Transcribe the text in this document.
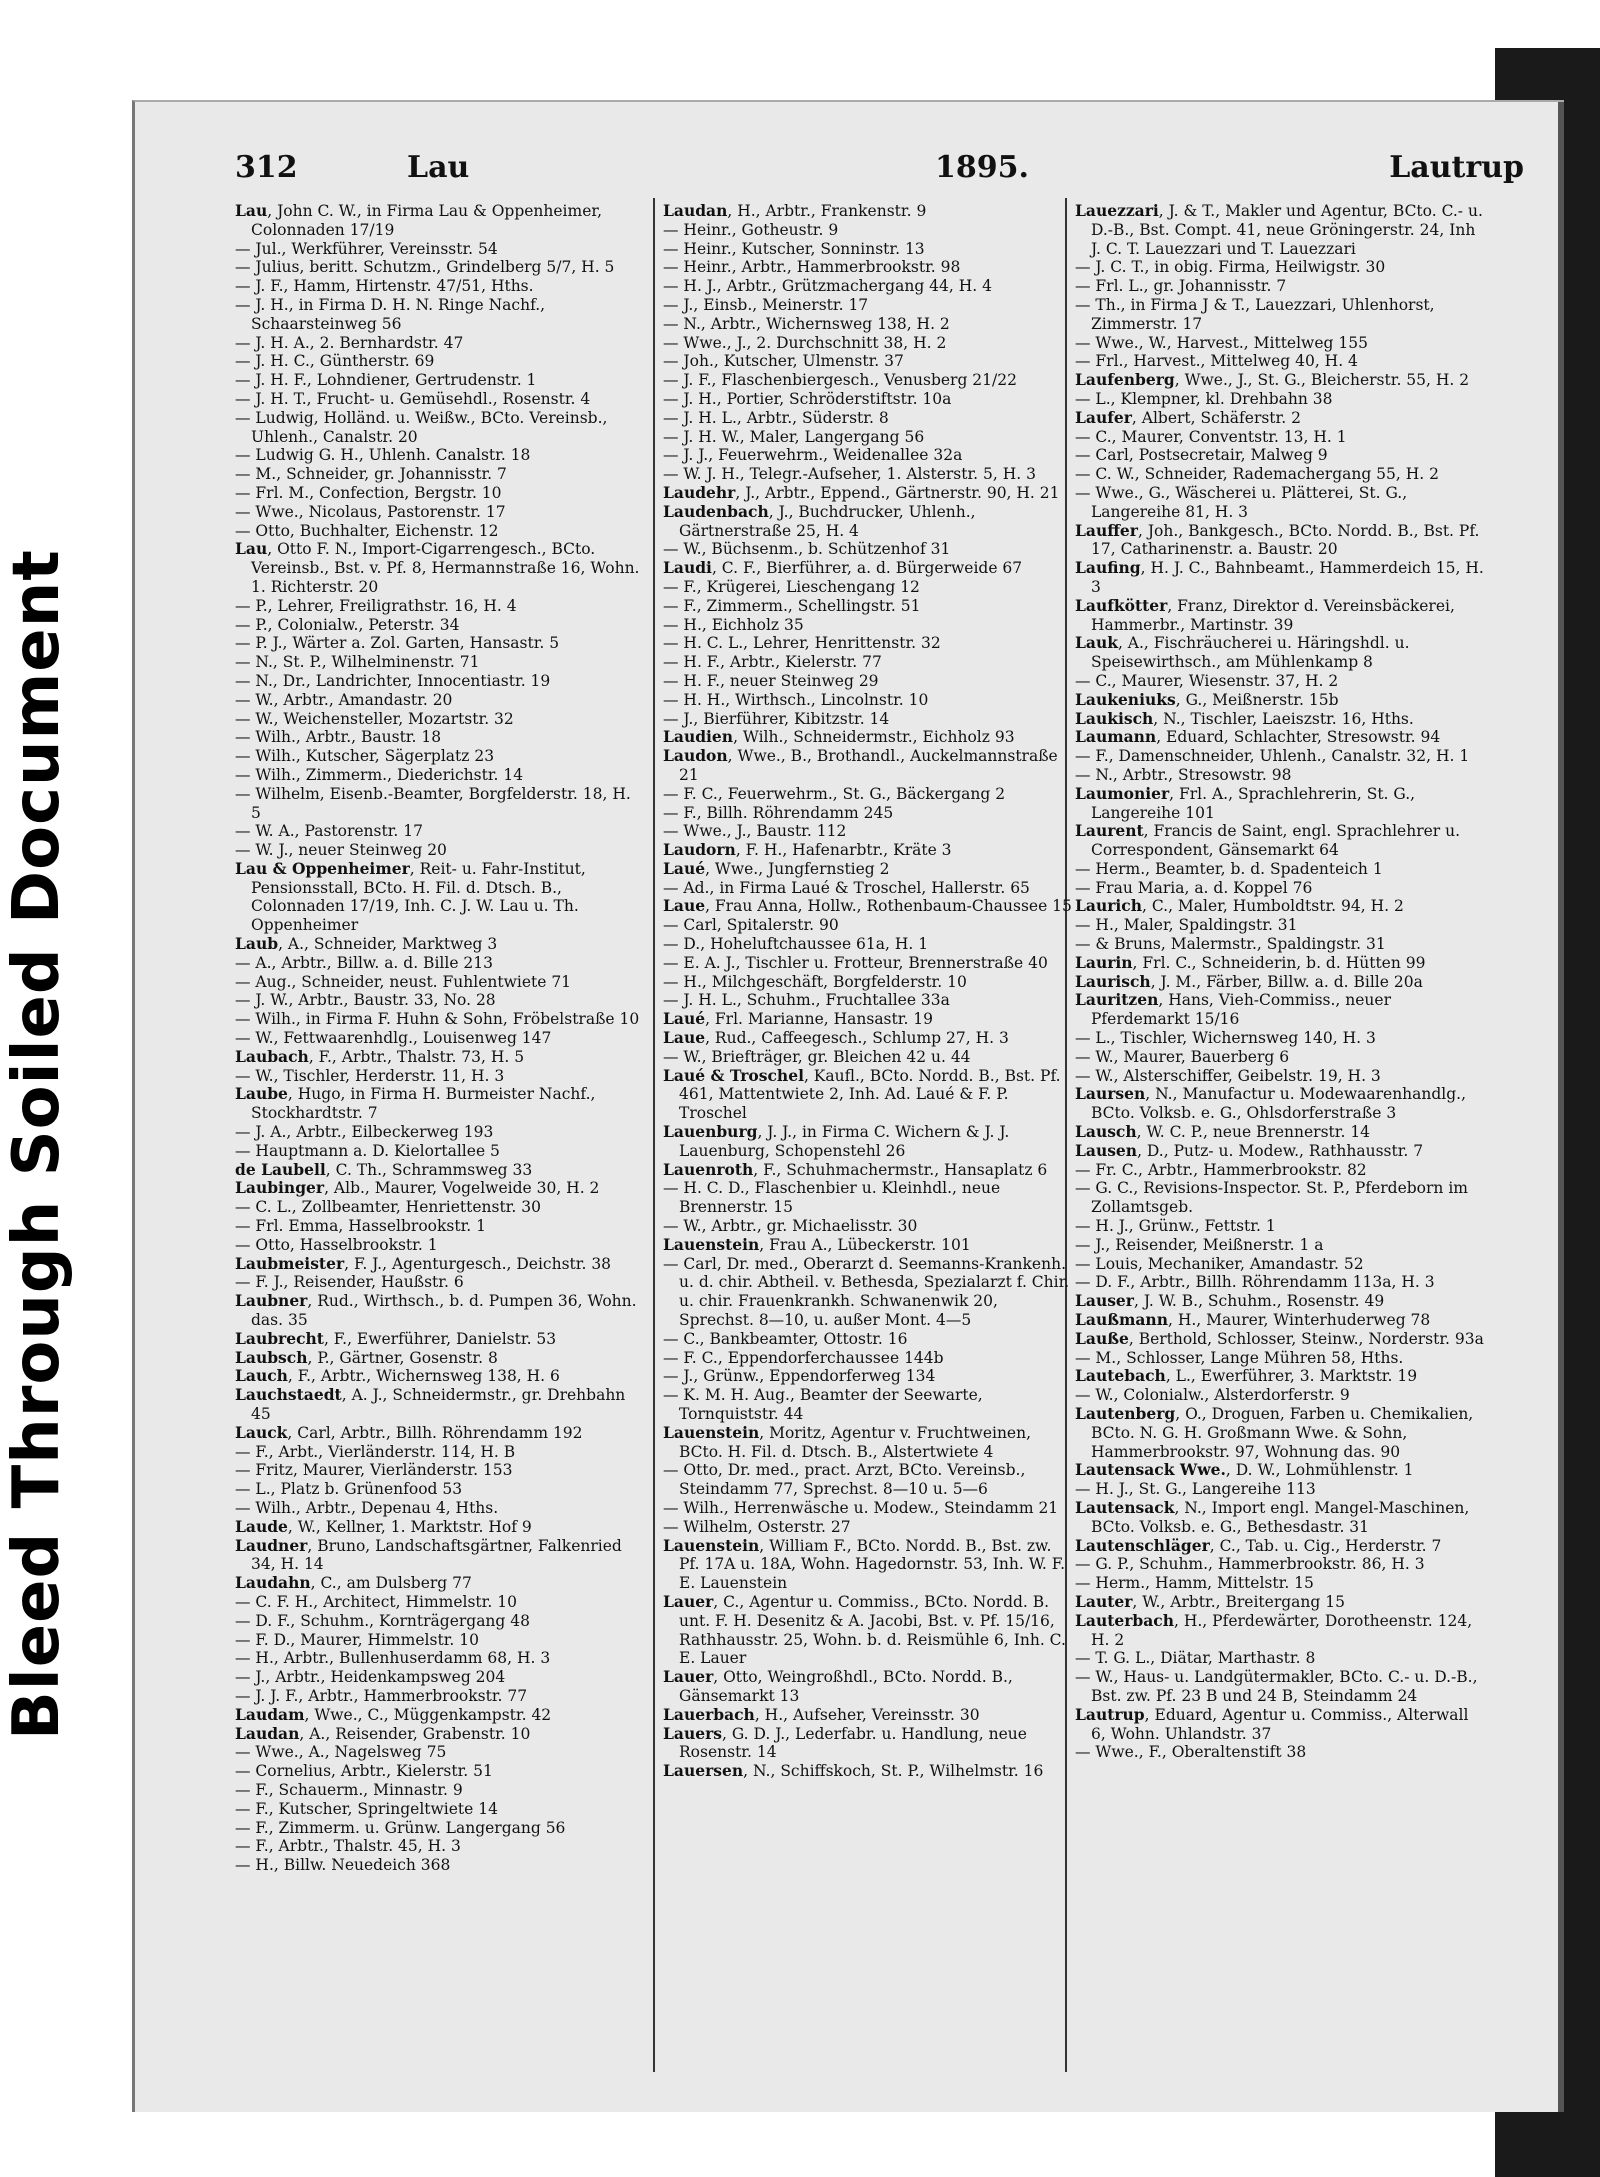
Bleed Through Soiled Document
312	Lau	1895.	Lautrup
Lau, John C. W., in Firma Lau & Oppenheimer, Colonnaden 17/19
— Jul., Werkführer, Vereinsstr. 54
— Julius, beritt. Schutzm., Grindelberg 5/7, H. 5
— J. F., Hamm, Hirtenstr. 47/51, Hths.
— J. H., in Firma D. H. N. Ringe Nachf., Schaarsteinweg 56
— J. H. A., 2. Bernhardstr. 47
— J. H. C., Güntherstr. 69
— J. H. F., Lohndiener, Gertrudenstr. 1
— J. H. T., Frucht- u. Gemüsehdl., Rosenstr. 4
— Ludwig, Holländ. u. Weißw., BCto. Vereinsb., Uhlenh., Canalstr. 20
— Ludwig G. H., Uhlenh. Canalstr. 18
— M., Schneider, gr. Johannisstr. 7
— Frl. M., Confection, Bergstr. 10
— Wwe., Nicolaus, Pastorenstr. 17
— Otto, Buchhalter, Eichenstr. 12
Lau, Otto F. N., Import-Cigarrengesch., BCto. Vereinsb., Bst. v. Pf. 8, Hermannstraße 16, Wohn. 1. Richterstr. 20
— P., Lehrer, Freiligrathstr. 16, H. 4
— P., Colonialw., Peterstr. 34
— P. J., Wärter a. Zol. Garten, Hansastr. 5
— N., St. P., Wilhelminenstr. 71
— N., Dr., Landrichter, Innocentiastr. 19
— W., Arbtr., Amandastr. 20
— W., Weichensteller, Mozartstr. 32
— Wilh., Arbtr., Baustr. 18
— Wilh., Kutscher, Sägerplatz 23
— Wilh., Zimmerm., Diederichstr. 14
— Wilhelm, Eisenb.-Beamter, Borgfelderstr. 18, H. 5
— W. A., Pastorenstr. 17
— W. J., neuer Steinweg 20
Lau & Oppenheimer, Reit- u. Fahr-Institut, Pensionsstall, BCto. H. Fil. d. Dtsch. B., Colonnaden 17/19, Inh. C. J. W. Lau u. Th. Oppenheimer
Laub, A., Schneider, Marktweg 3
— A., Arbtr., Billw. a. d. Bille 213
— Aug., Schneider, neust. Fuhlentwiete 71
— J. W., Arbtr., Baustr. 33, No. 28
— Wilh., in Firma F. Huhn & Sohn, Fröbelstraße 10
— W., Fettwaarenhdlg., Louisenweg 147
Laubach, F., Arbtr., Thalstr. 73, H. 5
— W., Tischler, Herderstr. 11, H. 3
Laube, Hugo, in Firma H. Burmeister Nachf., Stockhardtstr. 7
— J. A., Arbtr., Eilbeckerweg 193
— Hauptmann a. D. Kielortallee 5
de Laubell, C. Th., Schrammsweg 33
Laubinger, Alb., Maurer, Vogelweide 30, H. 2
— C. L., Zollbeamter, Henriettenstr. 30
— Frl. Emma, Hasselbrookstr. 1
— Otto, Hasselbrookstr. 1
Laubmeister, F. J., Agenturgesch., Deichstr. 38
— F. J., Reisender, Haußstr. 6
Laubner, Rud., Wirthsch., b. d. Pumpen 36, Wohn. das. 35
Laubrecht, F., Ewerführer, Danielstr. 53
Laubsch, P., Gärtner, Gosenstr. 8
Lauch, F., Arbtr., Wichernsweg 138, H. 6
Lauchstaedt, A. J., Schneidermstr., gr. Drehbahn 45
Lauck, Carl, Arbtr., Billh. Röhrendamm 192
— F., Arbt., Vierländerstr. 114, H. B
— Fritz, Maurer, Vierländerstr. 153
— L., Platz b. Grünenfood 53
— Wilh., Arbtr., Depenau 4, Hths.
Laude, W., Kellner, 1. Marktstr. Hof 9
Laudner, Bruno, Landschaftsgärtner, Falkenried 34, H. 14
Laudahn, C., am Dulsberg 77
— C. F. H., Architect, Himmelstr. 10
— D. F., Schuhm., Kornträgergang 48
— F. D., Maurer, Himmelstr. 10
— H., Arbtr., Bullenhuserdamm 68, H. 3
— J., Arbtr., Heidenkampsweg 204
— J. J. F., Arbtr., Hammerbrookstr. 77
Laudam, Wwe., C., Müggenkampstr. 42
Laudan, A., Reisender, Grabenstr. 10
— Wwe., A., Nagelsweg 75
— Cornelius, Arbtr., Kielerstr. 51
— F., Schauerm., Minnastr. 9
— F., Kutscher, Springeltwiete 14
— F., Zimmerm. u. Grünw. Langergang 56
— F., Arbtr., Thalstr. 45, H. 3
— H., Billw. Neuedeich 368
Laudan, H., Arbtr., Frankenstr. 9
— Heinr., Gotheustr. 9
— Heinr., Kutscher, Sonninstr. 13
— Heinr., Arbtr., Hammerbrookstr. 98
— H. J., Arbtr., Grützmachergang 44, H. 4
— J., Einsb., Meinerstr. 17
— N., Arbtr., Wichernsweg 138, H. 2
— Wwe., J., 2. Durchschnitt 38, H. 2
— Joh., Kutscher, Ulmenstr. 37
— J. F., Flaschenbiergesch., Venusberg 21/22
— J. H., Portier, Schröderstiftstr. 10a
— J. H. L., Arbtr., Süderstr. 8
— J. H. W., Maler, Langergang 56
— J. J., Feuerwehrm., Weidenallee 32a
— W. J. H., Telegr.-Aufseher, 1. Alsterstr. 5, H. 3
Laudehr, J., Arbtr., Eppend., Gärtnerstr. 90, H. 21
Laudenbach, J., Buchdrucker, Uhlenh., Gärtnerstraße 25, H. 4
— W., Büchsenm., b. Schützenhof 31
Laudi, C. F., Bierführer, a. d. Bürgerweide 67
— F., Krügerei, Lieschengang 12
— F., Zimmerm., Schellingstr. 51
— H., Eichholz 35
— H. C. L., Lehrer, Henrittenstr. 32
— H. F., Arbtr., Kielerstr. 77
— H. F., neuer Steinweg 29
— H. H., Wirthsch., Lincolnstr. 10
— J., Bierführer, Kibitzstr. 14
Laudien, Wilh., Schneidermstr., Eichholz 93
Laudon, Wwe., B., Brothandl., Auckelmannstraße 21
— F. C., Feuerwehrm., St. G., Bäckergang 2
— F., Billh. Röhrendamm 245
— Wwe., J., Baustr. 112
Laudorn, F. H., Hafenarbtr., Kräte 3
Laué, Wwe., Jungfernstieg 2
— Ad., in Firma Laué & Troschel, Hallerstr. 65
Laue, Frau Anna, Hollw., Rothenbaum-Chaussee 15
— Carl, Spitalerstr. 90
— D., Hoheluftchaussee 61a, H. 1
— E. A. J., Tischler u. Frotteur, Brennerstraße 40
— H., Milchgeschäft, Borgfelderstr. 10
— J. H. L., Schuhm., Fruchtallee 33a
Laué, Frl. Marianne, Hansastr. 19
Laue, Rud., Caffeegesch., Schlump 27, H. 3
— W., Briefträger, gr. Bleichen 42 u. 44
Laué & Troschel, Kaufl., BCto. Nordd. B., Bst. Pf. 461, Mattentwiete 2, Inh. Ad. Laué & F. P. Troschel
Lauenburg, J. J., in Firma C. Wichern & J. J. Lauenburg, Schopenstehl 26
Lauenroth, F., Schuhmachermstr., Hansaplatz 6
— H. C. D., Flaschenbier u. Kleinhdl., neue Brennerstr. 15
— W., Arbtr., gr. Michaelisstr. 30
Lauenstein, Frau A., Lübeckerstr. 101
— Carl, Dr. med., Oberarzt d. Seemanns-Krankenh. u. d. chir. Abtheil. v. Bethesda, Spezialarzt f. Chir. u. chir. Frauenkrankh. Schwanenwik 20, Sprechst. 8—10, u. außer Mont. 4—5
— C., Bankbeamter, Ottostr. 16
— F. C., Eppendorferchaussee 144b
— J., Grünw., Eppendorferweg 134
— K. M. H. Aug., Beamter der Seewarte, Tornquiststr. 44
Lauenstein, Moritz, Agentur v. Fruchtweinen, BCto. H. Fil. d. Dtsch. B., Alstertwiete 4
— Otto, Dr. med., pract. Arzt, BCto. Vereinsb., Steindamm 77, Sprechst. 8—10 u. 5—6
— Wilh., Herrenwäsche u. Modew., Steindamm 21
— Wilhelm, Osterstr. 27
Lauenstein, William F., BCto. Nordd. B., Bst. zw. Pf. 17A u. 18A, Wohn. Hagedornstr. 53, Inh. W. F. E. Lauenstein
Lauer, C., Agentur u. Commiss., BCto. Nordd. B. unt. F. H. Desenitz & A. Jacobi, Bst. v. Pf. 15/16, Rathhausstr. 25, Wohn. b. d. Reismühle 6, Inh. C. E. Lauer
Lauer, Otto, Weingroßhdl., BCto. Nordd. B., Gänsemarkt 13
Lauerbach, H., Aufseher, Vereinsstr. 30
Lauers, G. D. J., Lederfabr. u. Handlung, neue Rosenstr. 14
Lauersen, N., Schiffskoch, St. P., Wilhelmstr. 16
Lauezzari, J. & T., Makler und Agentur, BCto. C.- u. D.-B., Bst. Compt. 41, neue Gröningerstr. 24, Inh J. C. T. Lauezzari und T. Lauezzari
— J. C. T., in obig. Firma, Heilwigstr. 30
— Frl. L., gr. Johannisstr. 7
— Th., in Firma J & T., Lauezzari, Uhlenhorst, Zimmerstr. 17
— Wwe., W., Harvest., Mittelweg 155
— Frl., Harvest., Mittelweg 40, H. 4
Laufenberg, Wwe., J., St. G., Bleicherstr. 55, H. 2
— L., Klempner, kl. Drehbahn 38
Laufer, Albert, Schäferstr. 2
— C., Maurer, Conventstr. 13, H. 1
— Carl, Postsecretair, Malweg 9
— C. W., Schneider, Rademachergang 55, H. 2
— Wwe., G., Wäscherei u. Plätterei, St. G., Langereihe 81, H. 3
Lauffer, Joh., Bankgesch., BCto. Nordd. B., Bst. Pf. 17, Catharinenstr. a. Baustr. 20
Laufing, H. J. C., Bahnbeamt., Hammerdeich 15, H. 3
Laufkötter, Franz, Direktor d. Vereinsbäckerei, Hammerbr., Martinstr. 39
Lauk, A., Fischräucherei u. Häringshdl. u. Speisewirthsch., am Mühlenkamp 8
— C., Maurer, Wiesenstr. 37, H. 2
Laukeniuks, G., Meißnerstr. 15b
Laukisch, N., Tischler, Laeiszstr. 16, Hths.
Laumann, Eduard, Schlachter, Stresowstr. 94
— F., Damenschneider, Uhlenh., Canalstr. 32, H. 1
— N., Arbtr., Stresowstr. 98
Laumonier, Frl. A., Sprachlehrerin, St. G., Langereihe 101
Laurent, Francis de Saint, engl. Sprachlehrer u. Correspondent, Gänsemarkt 64
— Herm., Beamter, b. d. Spadenteich 1
— Frau Maria, a. d. Koppel 76
Laurich, C., Maler, Humboldtstr. 94, H. 2
— H., Maler, Spaldingstr. 31
— & Bruns, Malermstr., Spaldingstr. 31
Laurin, Frl. C., Schneiderin, b. d. Hütten 99
Laurisch, J. M., Färber, Billw. a. d. Bille 20a
Lauritzen, Hans, Vieh-Commiss., neuer Pferdemarkt 15/16
— L., Tischler, Wichernsweg 140, H. 3
— W., Maurer, Bauerberg 6
— W., Alsterschiffer, Geibelstr. 19, H. 3
Laursen, N., Manufactur u. Modewaarenhandlg., BCto. Volksb. e. G., Ohlsdorferstraße 3
Lausch, W. C. P., neue Brennerstr. 14
Lausen, D., Putz- u. Modew., Rathhausstr. 7
— Fr. C., Arbtr., Hammerbrookstr. 82
— G. C., Revisions-Inspector. St. P., Pferdeborn im Zollamtsgeb.
— H. J., Grünw., Fettstr. 1
— J., Reisender, Meißnerstr. 1 a
— Louis, Mechaniker, Amandastr. 52
— D. F., Arbtr., Billh. Röhrendamm 113a, H. 3
Lauser, J. W. B., Schuhm., Rosenstr. 49
Laußmann, H., Maurer, Winterhuderweg 78
Lauße, Berthold, Schlosser, Steinw., Norderstr. 93a
— M., Schlosser, Lange Mühren 58, Hths.
Lautebach, L., Ewerführer, 3. Marktstr. 19
— W., Colonialw., Alsterdorferstr. 9
Lautenberg, O., Droguen, Farben u. Chemikalien, BCto. N. G. H. Großmann Wwe. & Sohn, Hammerbrookstr. 97, Wohnung das. 90
Lautensack Wwe., D. W., Lohmühlenstr. 1
— H. J., St. G., Langereihe 113
Lautensack, N., Import engl. Mangel-Maschinen, BCto. Volksb. e. G., Bethesdastr. 31
Lautenschläger, C., Tab. u. Cig., Herderstr. 7
— G. P., Schuhm., Hammerbrookstr. 86, H. 3
— Herm., Hamm, Mittelstr. 15
Lauter, W., Arbtr., Breitergang 15
Lauterbach, H., Pferdewärter, Dorotheenstr. 124, H. 2
— T. G. L., Diätar, Marthastr. 8
— W., Haus- u. Landgütermakler, BCto. C.- u. D.-B., Bst. zw. Pf. 23 B und 24 B, Steindamm 24
Lautrup, Eduard, Agentur u. Commiss., Alterwall 6, Wohn. Uhlandstr. 37
— Wwe., F., Oberaltenstift 38
